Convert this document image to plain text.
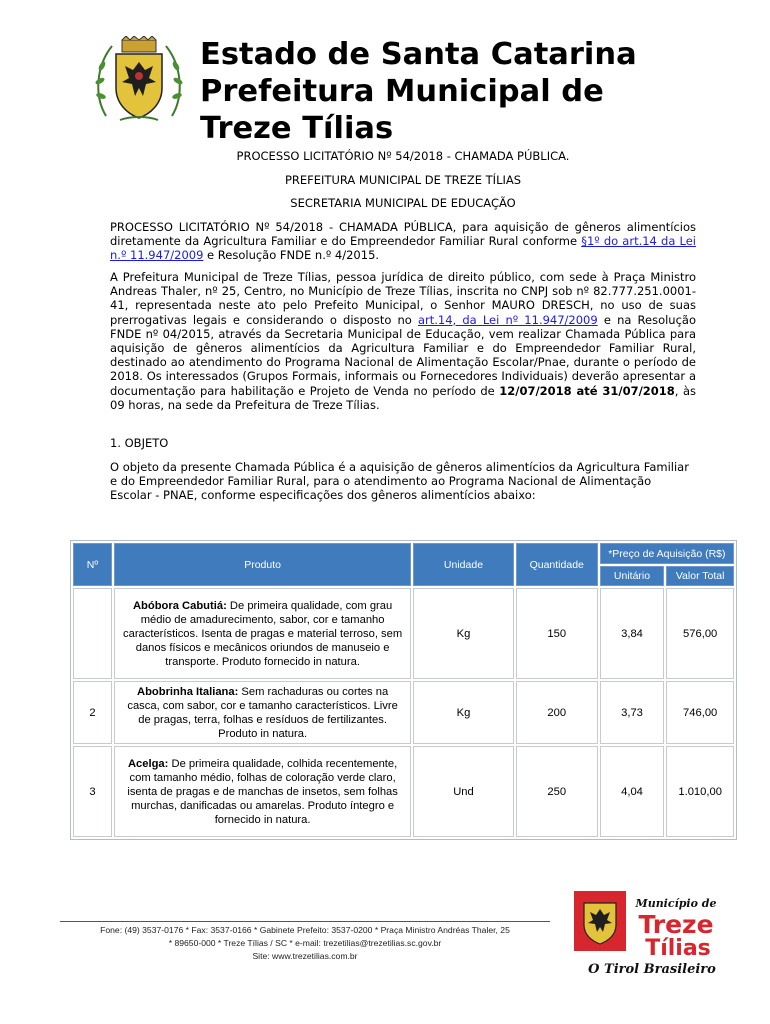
Estado de Santa Catarina
Prefeitura Municipal de
Treze Tílias

PROCESSO LICITATÓRIO Nº 54/2018 - CHAMADA PÚBLICA.

PREFEITURA MUNICIPAL DE TREZE TÍLIAS

SECRETARIA MUNICIPAL DE EDUCAÇÃO

PROCESSO LICITATÓRIO Nº 54/2018 - CHAMADA PÚBLICA, para aquisição de gêneros alimentícios diretamente da Agricultura Familiar e do Empreendedor Familiar Rural conforme §1º do art.14 da Lei n.º 11.947/2009 e Resolução FNDE n.º 4/2015.

A Prefeitura Municipal de Treze Tílias, pessoa jurídica de direito público, com sede à Praça Ministro Andreas Thaler, nº 25, Centro, no Município de Treze Tílias, inscrita no CNPJ sob nº 82.777.251.0001-41, representada neste ato pelo Prefeito Municipal, o Senhor MAURO DRESCH, no uso de suas prerrogativas legais e considerando o disposto no art.14, da Lei nº 11.947/2009 e na Resolução FNDE nº 04/2015, através da Secretaria Municipal de Educação, vem realizar Chamada Pública para aquisição de gêneros alimentícios da Agricultura Familiar e do Empreendedor Familiar Rural, destinado ao atendimento do Programa Nacional de Alimentação Escolar/Pnae, durante o período de 2018. Os interessados (Grupos Formais, informais ou Fornecedores Individuais) deverão apresentar a documentação para habilitação e Projeto de Venda no período de 12/07/2018 até 31/07/2018, às 09 horas, na sede da Prefeitura de Treze Tílias.

1. OBJETO

O objeto da presente Chamada Pública é a aquisição de gêneros alimentícios da Agricultura Familiar e do Empreendedor Familiar Rural, para o atendimento ao Programa Nacional de Alimentação Escolar - PNAE, conforme especificações dos gêneros alimentícios abaixo:

Nº	Produto	Unidade	Quantidade	*Preço de Aquisição (R$)	
				Unitário	Valor Total
	Abóbora Cabutiá: De primeira qualidade, com grau médio de amadurecimento, sabor, cor e tamanho característicos. Isenta de pragas e material terroso, sem danos físicos e mecânicos oriundos de manuseio e transporte. Produto fornecido in natura.	Kg	150	3,84	576,00
2	Abobrinha Italiana: Sem rachaduras ou cortes na casca, com sabor, cor e tamanho característicos. Livre de pragas, terra, folhas e resíduos de fertilizantes. Produto in natura.	Kg	200	3,73	746,00
3	Acelga: De primeira qualidade, colhida recentemente, com tamanho médio, folhas de coloração verde claro, isenta de pragas e de manchas de insetos, sem folhas murchas, danificadas ou amarelas. Produto íntegro e fornecido in natura.	Und	250	4,04	1.010,00
Fone: (49) 3537-0176 * Fax: 3537-0166 * Gabinete Prefeito: 3537-0200 * Praça Ministro Andréas Thaler, 25
* 89650-000 * Treze Tílias / SC * e-mail: trezetilias@trezetilias.sc.gov.br
Site: www.trezetilias.com.br
Município de
Treze
Tílias
O Tirol Brasileiro
